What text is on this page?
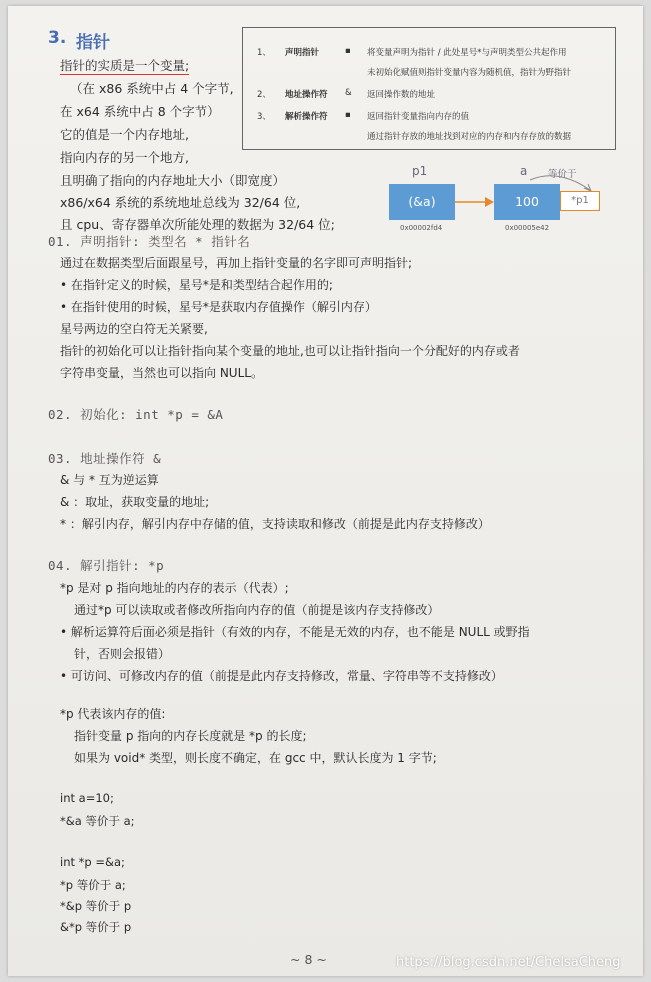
3. 指针
指针的实质是一个变量;
（在 x86 系统中占 4 个字节,
在 x64 系统中占 8 个字节）
它的值是一个内存地址,
指向内存的另一个地方,
且明确了指向的内存地址大小（即宽度）
x86/x64 系统的系统地址总线为 32/64 位,
且 cpu、寄存器单次所能处理的数据为 32/64 位;
1、 声明指针	▪ 将变量声明为指针 / 此处星号*与声明类型公共起作用
未初始化赋值则指针变量内容为随机值，指针为野指针
2、 地址操作符 & 返回操作数的地址
3、 解析操作符 ▪ 返回指针变量指向内存的值
通过指针存放的地址找到对应的内存和内存存放的数据
p1	a 等价于
(&a)	100	*p1
0x00002fd4	0x00005e42
01. 声明指针: 类型名 * 指针名
通过在数据类型后面跟星号，再加上指针变量的名字即可声明指针;
• 在指针定义的时候，星号*是和类型结合起作用的;
• 在指针使用的时候，星号*是获取内存值操作（解引内存）
星号两边的空白符无关紧要,
指针的初始化可以让指针指向某个变量的地址,也可以让指针指向一个分配好的内存或者
字符串变量，当然也可以指向 NULL。
02. 初始化: int *p = &A
03. 地址操作符 &
& 与 * 互为逆运算
& ：取址，获取变量的地址;
* ：解引内存，解引内存中存储的值，支持读取和修改（前提是此内存支持修改）
04. 解引指针: *p
*p 是对 p 指向地址的内存的表示（代表）;
通过*p 可以读取或者修改所指向内存的值（前提是该内存支持修改）
• 解析运算符后面必须是指针（有效的内存，不能是无效的内存，也不能是 NULL 或野指
针，否则会报错）
• 可访问、可修改内存的值（前提是此内存支持修改，常量、字符串等不支持修改）
*p 代表该内存的值:
指针变量 p 指向的内存长度就是 *p 的长度;
如果为 void* 类型，则长度不确定，在 gcc 中，默认长度为 1 字节;
int a=10;
*&a 等价于 a;
int *p =&a;
*p 等价于 a;
*&p 等价于 p
&*p 等价于 p
~ 8 ~	https://blog.csdn.net/ChelsaCheng
